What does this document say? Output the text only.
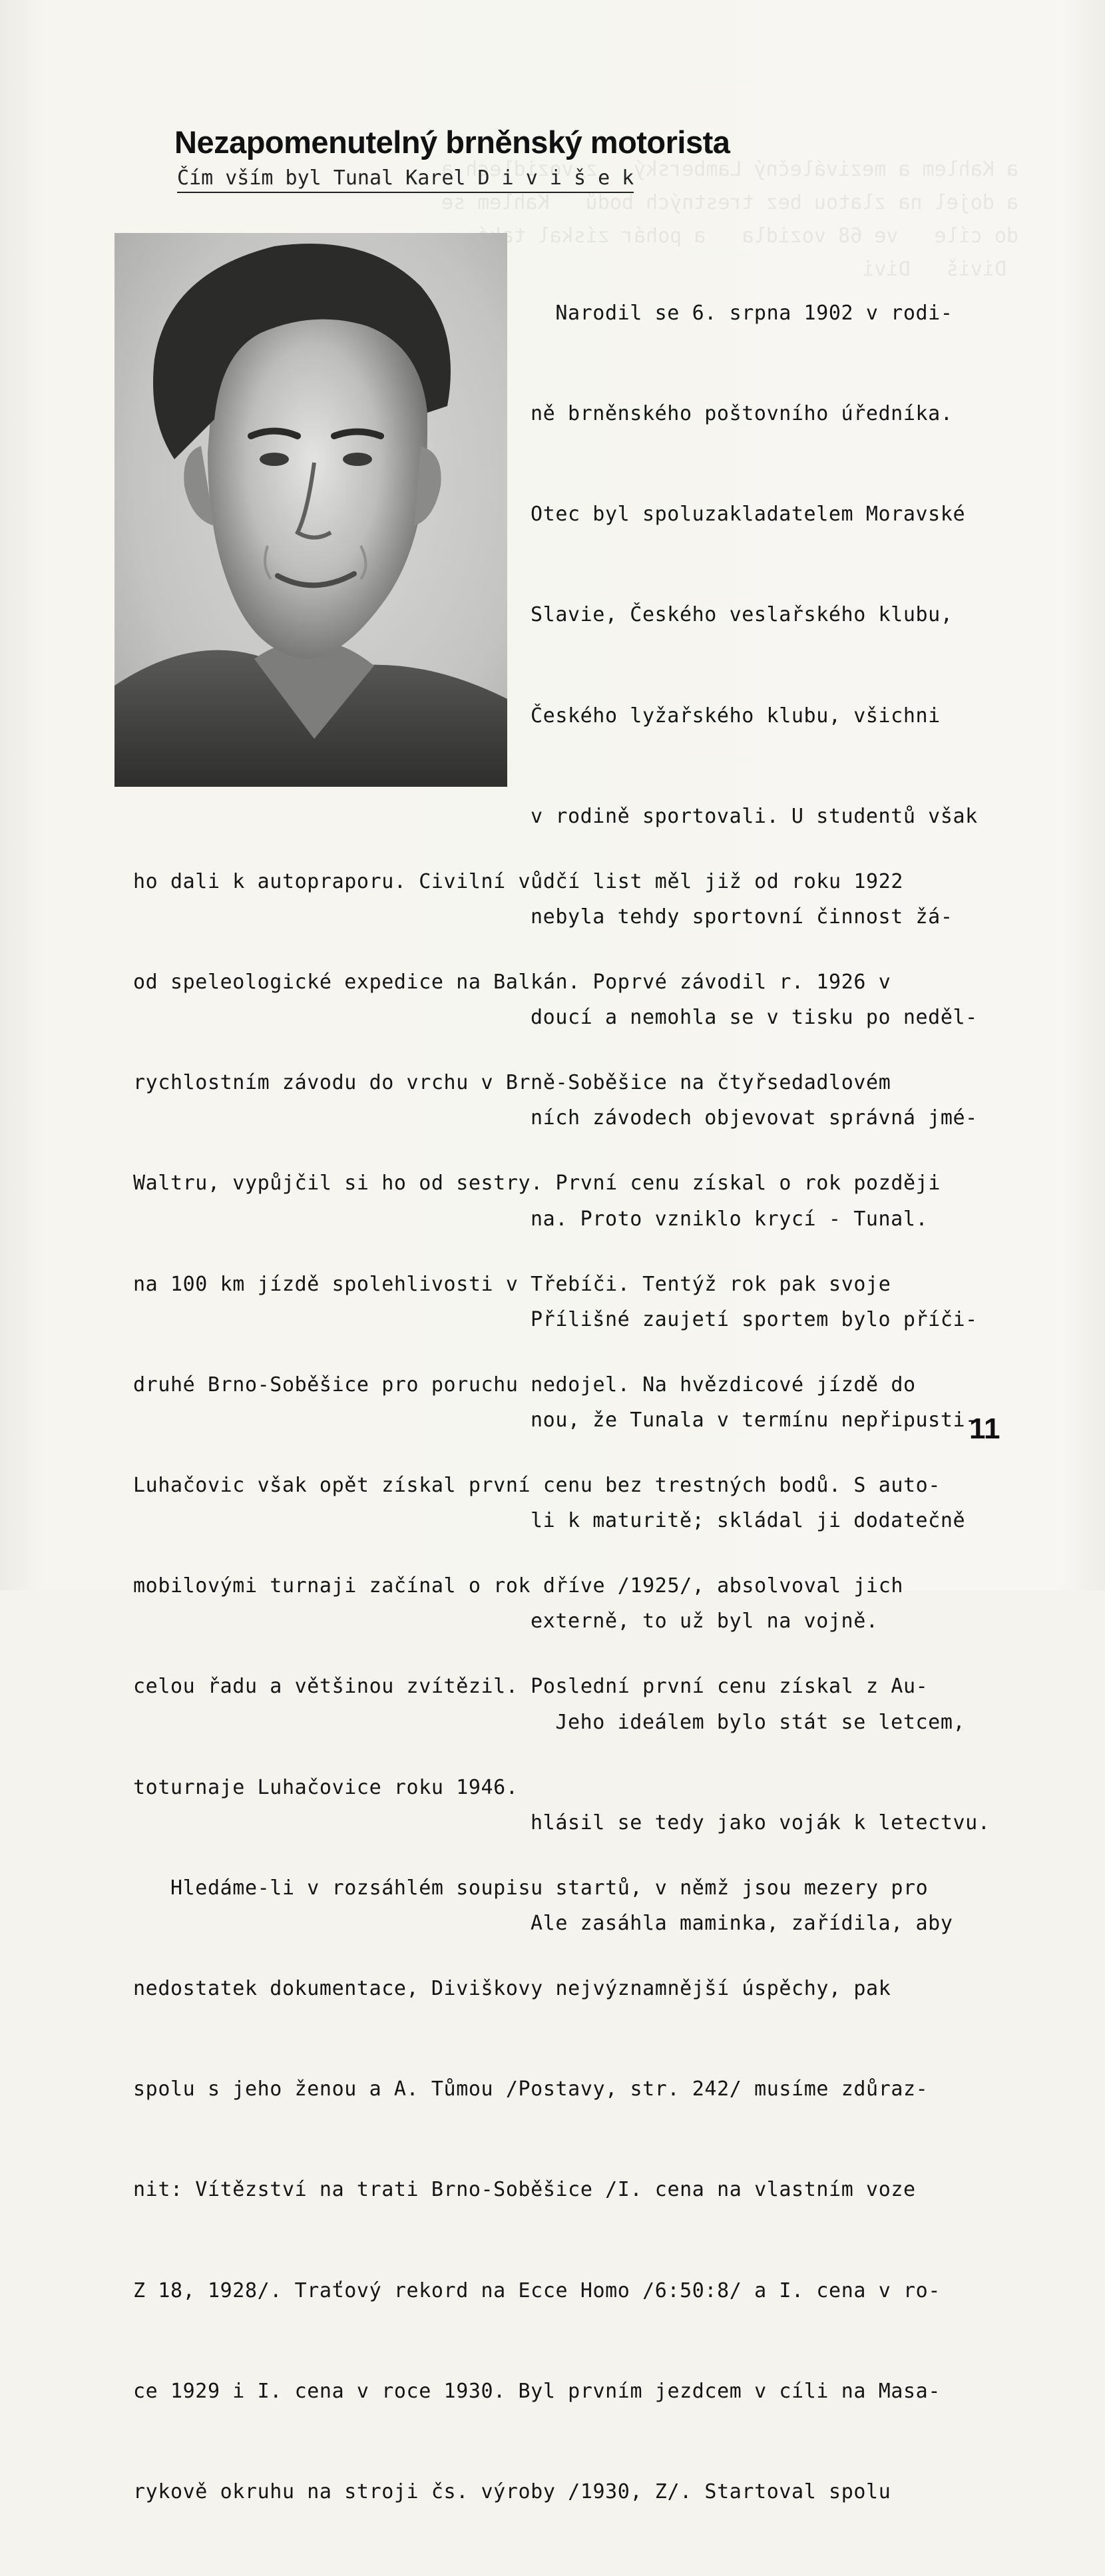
a Kahlem a meziválečný Lamberský   z vozidlech a
a dojel na zlatou bez trestných bodů   Kahlem se
do cíle   ve 68 vozidla   a pohár získal
Diviš   Divi

Nezapomenutelný brněnský motorista
Čím vším byl Tunal Karel D i v i š e k

Narodil se 6. srpna 1902 v rodi-

ně brněnského poštovního úředníka.

Otec byl spoluzakladatelem Moravské

Slavie, Českého veslařského klubu,

Českého lyžařského klubu, všichni

v rodině sportovali. U studentů však

nebyla tehdy sportovní činnost žá-

doucí a nemohla se v tisku po neděl-

ních závodech objevovat správná jmé-

na. Proto vzniklo krycí - Tunal.

Přílišné zaujetí sportem bylo příči-

nou, že Tunala v termínu nepřipusti-

li k maturitě; skládal ji dodatečně

externě, to už byl na vojně.

Jeho ideálem bylo stát se letcem,

hlásil se tedy jako voják k letectvu.

Ale zasáhla maminka, zařídila, aby

ho dali k autopraporu. Civilní vůdčí list měl již od roku 1922

od speleologické expedice na Balkán. Poprvé závodil r. 1926 v

rychlostním závodu do vrchu v Brně-Soběšice na čtyřsedadlovém

Waltru, vypůjčil si ho od sestry. První cenu získal o rok později

na 100 km jízdě spolehlivosti v Třebíči. Tentýž rok pak svoje

druhé Brno-Soběšice pro poruchu nedojel. Na hvězdicové jízdě do

Luhačovic však opět získal první cenu bez trestných bodů. S auto-

mobilovými turnaji začínal o rok dříve /1925/, absolvoval jich

celou řadu a většinou zvítězil. Poslední první cenu získal z Au-

toturnaje Luhačovice roku 1946.

Hledáme-li v rozsáhlém soupisu startů, v němž jsou mezery pro

nedostatek dokumentace, Diviškovy nejvýznamnější úspěchy, pak

spolu s jeho ženou a A. Tůmou /Postavy, str. 242/ musíme zdůraz-

nit: Vítězství na trati Brno-Soběšice /I. cena na vlastním voze

Z 18, 1928/. Traťový rekord na Ecce Homo /6:50:8/ a I. cena v ro-

ce 1929 i I. cena v roce 1930. Byl prvním jezdcem v cíli na Masa-

rykově okruhu na stroji čs. výroby /1930, Z/. Startoval spolu

11
